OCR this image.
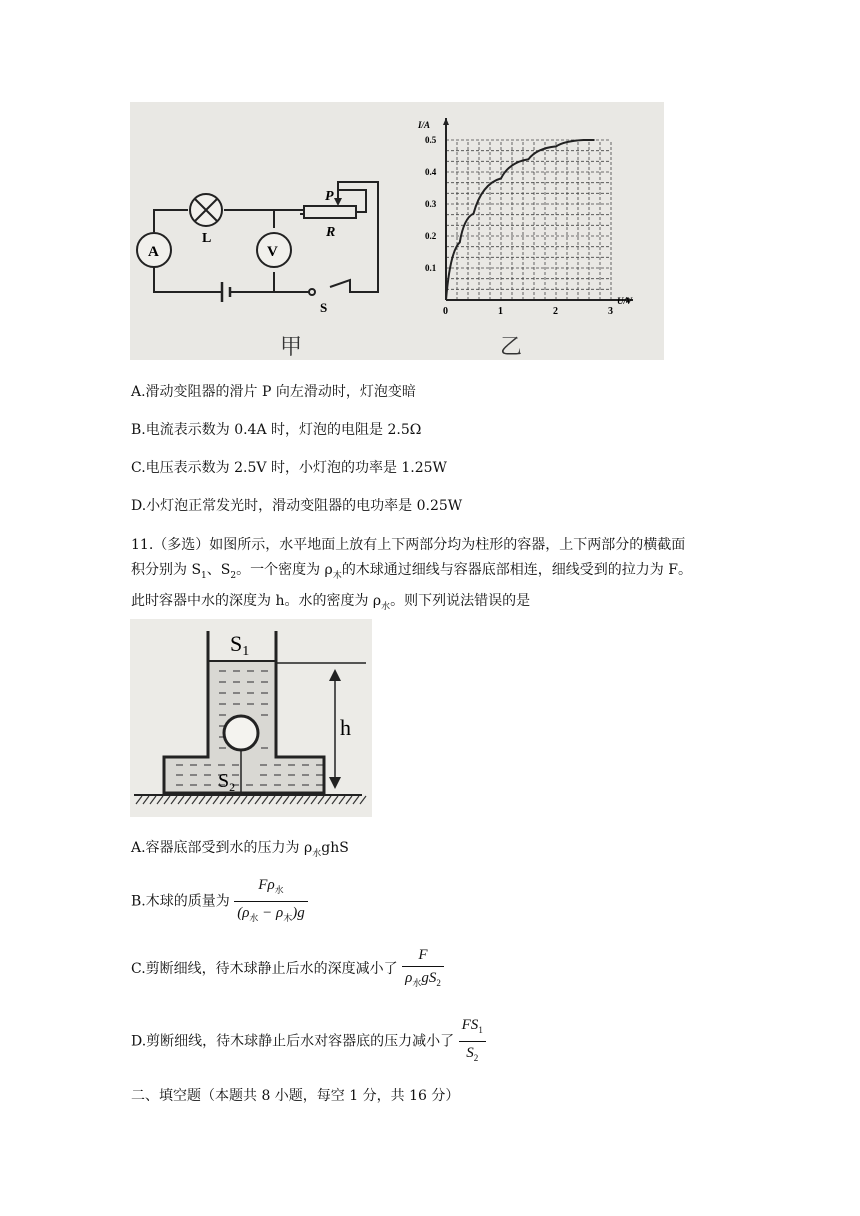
P
R
A
L
V
S
甲
0	1	2	3
0.1
0.2
0.3
0.4
0.5
U/V
I/A
乙
A.滑动变阻器的滑片 P 向左滑动时，灯泡变暗
B.电流表示数为 0.4A 时，灯泡的电阻是 2.5Ω
C.电压表示数为 2.5V 时，小灯泡的功率是 1.25W
D.小灯泡正常发光时，滑动变阻器的电功率是 0.25W
11.（多选）如图所示，水平地面上放有上下两部分均为柱形的容器，上下两部分的横截面
积分别为 $S_1$、$S_2$。一个密度为 $\rho_木$的木球通过细线与容器底部相连，细线受到的拉力为 F。
此时容器中水的深度为 h。水的密度为 $\rho_水$。则下列说法错误的是
h
S1
$S_2$
A.容器底部受到水的压力为 $\rho_水ghS$
B.木球的质量为 $\frac{F\rho_水}{(\rho_水 - \rho_木)g}$
C.剪断细线，待木球静止后水的深度减小了 $\frac{F}{\rho_水gS_2}$
D.剪断细线，待木球静止后水对容器底的压力减小了 $\frac{FS_1}{S_2}$
二、填空题（本题共 8 小题，每空 1 分，共 16 分）
